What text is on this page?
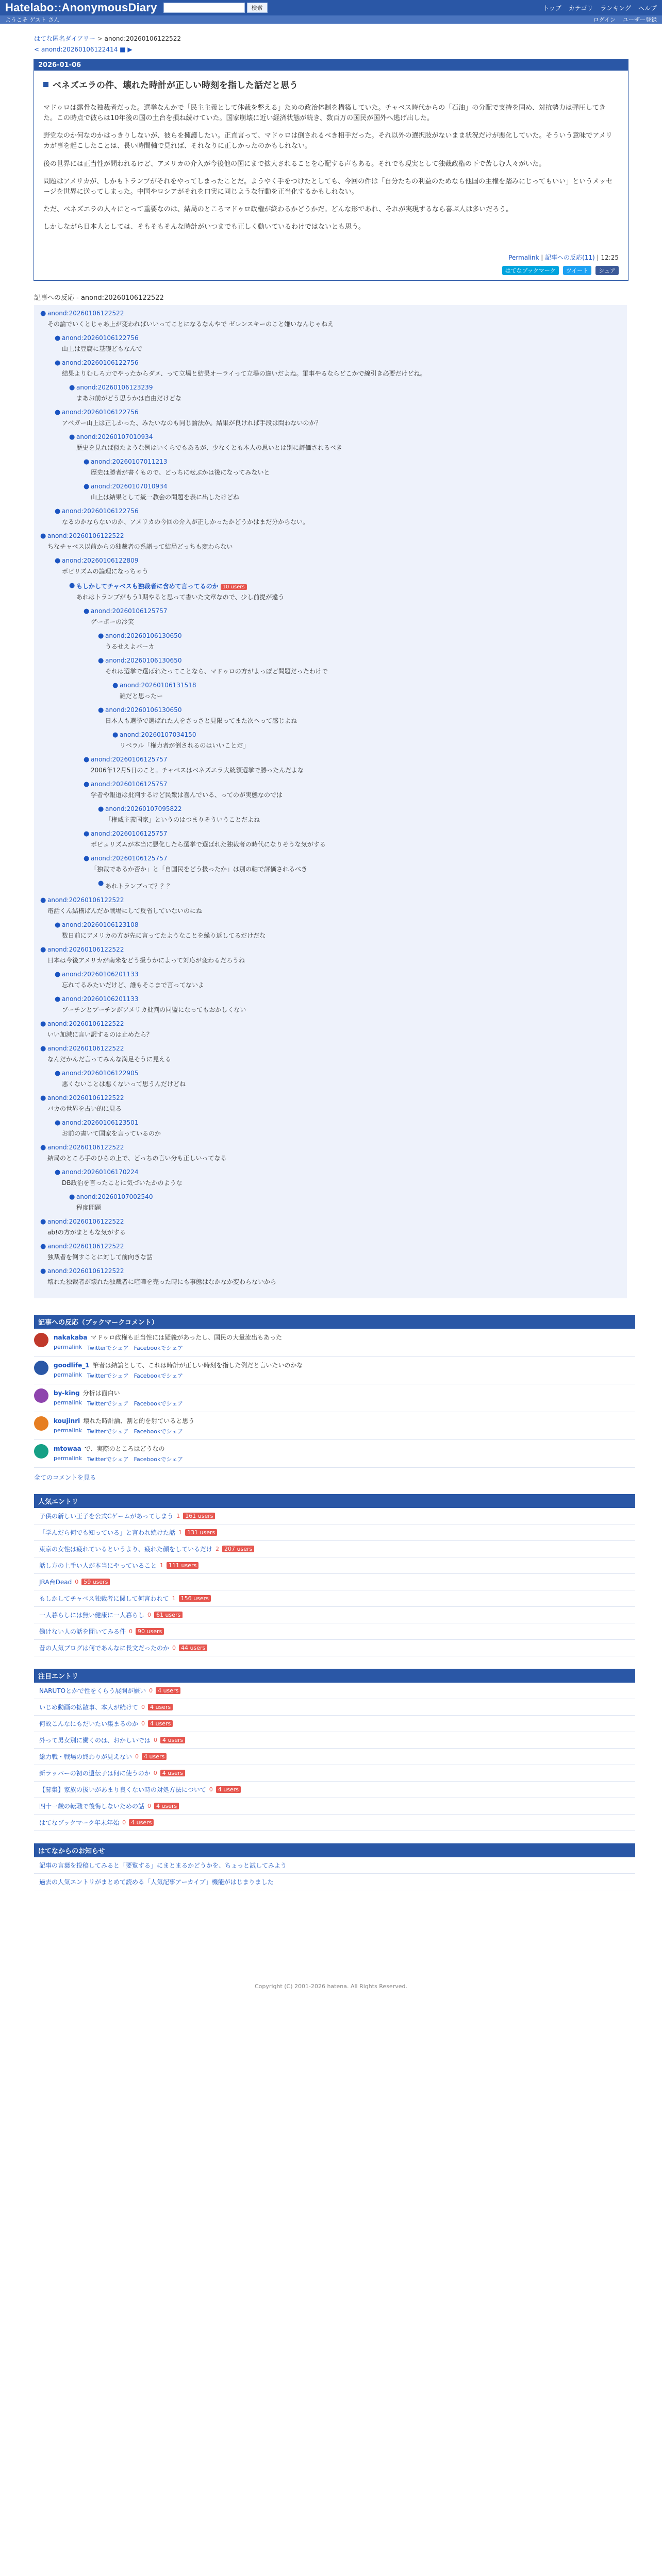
Hatelabo::AnonymousDiary	検索	トップ カテゴリ ランキング ヘルプ
ようこそ ゲスト さん	ログイン ユーザー登録
はてな匿名ダイアリー > anond:20260106122522
< anond:20260106122414 ■ ▶
2026-01-06
ベネズエラの件、壊れた時計が正しい時刻を指した話だと思う

マドゥロは露骨な独裁者だった。選挙なんかで「民主主義として体裁を整える」ための政治体制を構築していた。チャベス時代からの「石油」の分配で支持を固め、対抗勢力は弾圧してきた。この時点で彼らは10年後の国の土台を損ね続けていた。国家崩壊に近い経済状態が続き、数百万の国民が国外へ逃げ出した。

野党なのか何なのかはっきりしないが、彼らを擁護したい。正直言って、マドゥロは倒されるべき相手だった。それ以外の選択肢がないまま状況だけが悪化していた。そういう意味でアメリカが事を起こしたことは、長い時間軸で見れば、それなりに正しかったのかもしれない。

後の世界には正当性が問われるけど、アメリカの介入が今後他の国にまで拡大されることを心配する声もある。それでも現実として独裁政権の下で苦しむ人々がいた。

問題はアメリカが、しかもトランプがそれをやってしまったことだ。ようやく手をつけたとしても、今回の件は「自分たちの利益のためなら他国の主権を踏みにじってもいい」というメッセージを世界に送ってしまった。中国やロシアがそれを口実に同じような行動を正当化するかもしれない。

ただ、ベネズエラの人々にとって重要なのは、結局のところマドゥロ政権が終わるかどうかだ。どんな形であれ、それが実現するなら喜ぶ人は多いだろう。

しかしながら日本人としては、そもそもそんな時計がいつまでも正しく動いているわけではないとも思う。

Permalink | 記事への反応(11) | 12:25
はてなブックマーク	ツイート	シェア
記事への反応 - anond:20260106122522
● anond:20260106122522
その論でいくとじゃあ上が変わればいいってことになるなんやで ゼレンスキーのこと嫌いなんじゃねえ
● anond:20260106122756
山上は豆腐に基礎どもなんで
● anond:20260106122756
結果よりむしろ力でやったからダメ、って立場と結果オーライって立場の違いだよね。軍事やるならどこかで線引き必要だけどね。
● anond:20260106123239
まあお前がどう思うかは自由だけどな
● anond:20260106122756
アベガー山上は正しかった、みたいなのも同じ論法か。結果が良ければ手段は問わないのか？
● anond:20260107010934
歴史を見れば似たような例はいくらでもあるが、少なくとも本人の思いとは別に評価されるべき
● anond:20260107011213
歴史は勝者が書くもので、どっちに転ぶかは後になってみないと
● anond:20260107010934
山上は結果として統一教会の問題を表に出したけどね
● anond:20260106122756
なるのかならないのか、アメリカの今回の介入が正しかったかどうかはまだ分からない。
● anond:20260106122522
ちなチャベス以前からの独裁者の系譜って結局どっちも変わらない
● anond:20260106122809
ボビリズムの論理になっちゃう
● もしかしてチャベスも独裁者に含めて言ってるのか 10 users
あれはトランプがもう1期やると思って書いた文章なので、少し前提が違う
● anond:20260106125757
ゲーボーの冷笑
● anond:20260106130650
うるせえよバーカ
● anond:20260106130650
それは選挙で選ばれたってことなら、マドゥロの方がよっぽど問題だったわけで
● anond:20260106131518
雑だと思ったー
● anond:20260106130650
日本人も選挙で選ばれた人をさっさと見限ってまた次へって感じよね
● anond:20260107034150
リベラル「権力者が倒されるのはいいことだ」
● anond:20260106125757
2006年12月5日のこと。チャベスはベネズエラ大統領選挙で勝ったんだよな
● anond:20260106125757
学者や報道は批判するけど民衆は喜んでいる、ってのが実態なのでは
● anond:20260107095822
「権威主義国家」というのはつまりそういうことだよね
● anond:20260106125757
ボビュリズムが本当に悪化したら選挙で選ばれた独裁者の時代になりそうな気がする
● anond:20260106125757
「独裁であるか否か」と「自国民をどう扱ったか」は別の軸で評価されるべき
● あれトランプって？？？
● anond:20260106122522
電話くん結構ばんだか戦場にして反省していないのにね
● anond:20260106123108
数日前にアメリカの方が先に言ってたようなことを繰り返してるだけだな
● anond:20260106122522
日本は今後アメリカが南米をどう扱うかによって対応が変わるだろうね
● anond:20260106201133
忘れてるみたいだけど、誰もそこまで言ってないよ
● anond:20260106201133
ブーチンとプーチンがアメリカ批判の同盟になってもおかしくない
● anond:20260106122522
いい加減に言い訳するのは止めたら？
● anond:20260106122522
なんだかんだ言ってみんな満足そうに見える
● anond:20260106122905
悪くないことは悪くないって思うんだけどね
● anond:20260106122522
バカの世界を占い的に見る
● anond:20260106123501
お前の書いて国家を言っているのか
● anond:20260106122522
結局のところ手のひらの上で、どっちの言い分も正しいってなる
● anond:20260106170224
DB政治を言ったことに気づいたかのような
● anond:20260107002540
程度問題
● anond:20260106122522
ab!の方がまともな気がする
● anond:20260106122522
独裁者を倒すことに対して前向きな話
● anond:20260106122522
壊れた独裁者が壊れた独裁者に喧嘩を売った時にも事態はなかなか変わらないから
記事への反応（ブックマークコメント）
nakakaba マドゥロ政権も正当性には疑義があったし、国民の大量流出もあった
permalink Twitterでシェア Facebookでシェア
goodlife_1 筆者は結論として、これは時計が正しい時刻を指した例だと言いたいのかな
permalink Twitterでシェア Facebookでシェア
by-king 分析は面白い
permalink Twitterでシェア Facebookでシェア
koujinri 壊れた時計論、割と的を射ていると思う
permalink Twitterでシェア Facebookでシェア
mtowaa で、実際のところはどうなの
permalink Twitterでシェア Facebookでシェア
全てのコメントを見る
人気エントリ
子供の新しい王子を公式Cゲームがあってしまう 1 161 users
「学んだら何でも知っている」と言われ続けた話 1 131 users
東京の女性は疲れているというより、疲れた顔をしているだけ 2 207 users
話し方の上手い人が本当にやっていること 1 111 users
JRA台Dead 0 59 users
もしかしてチャベス独裁者に関して何言われて 1 156 users
一人暮らしには無い健康に一人暮らし 0 61 users
働けない人の話を聞いてみる件 0 90 users
昔の人気ブログは何であんなに長文だったのか 0 44 users
注目エントリ
NARUTOとかで性をくらう展開が嫌い 0 4 users
いじめ動画の拡散事、本人が続けて 0 4 users
何故こんなにもだいたい集まるのか 0 4 users
外って男女別に働くのは、おかしいでは 0 4 users
総力戦・戦場の終わりが見えない 0 4 users
新ラッパーの初の遺伝子は何に使うのか 0 4 users
【募集】家族の扱いがあまり良くない時の対処方法について 0 4 users
四十一歳の転職で後悔しないための話 0 4 users
はてなブックマーク年末年始 0 4 users
はてなからのお知らせ
記事の言葉を投稿してみると「要覧する」にまとまるかどうかを、ちょっと試してみよう
過去の人気エントリがまとめて読める「人気記事アーカイブ」機能がはじまりました
Copyright (C) 2001-2026 hatena. All Rights Reserved.
